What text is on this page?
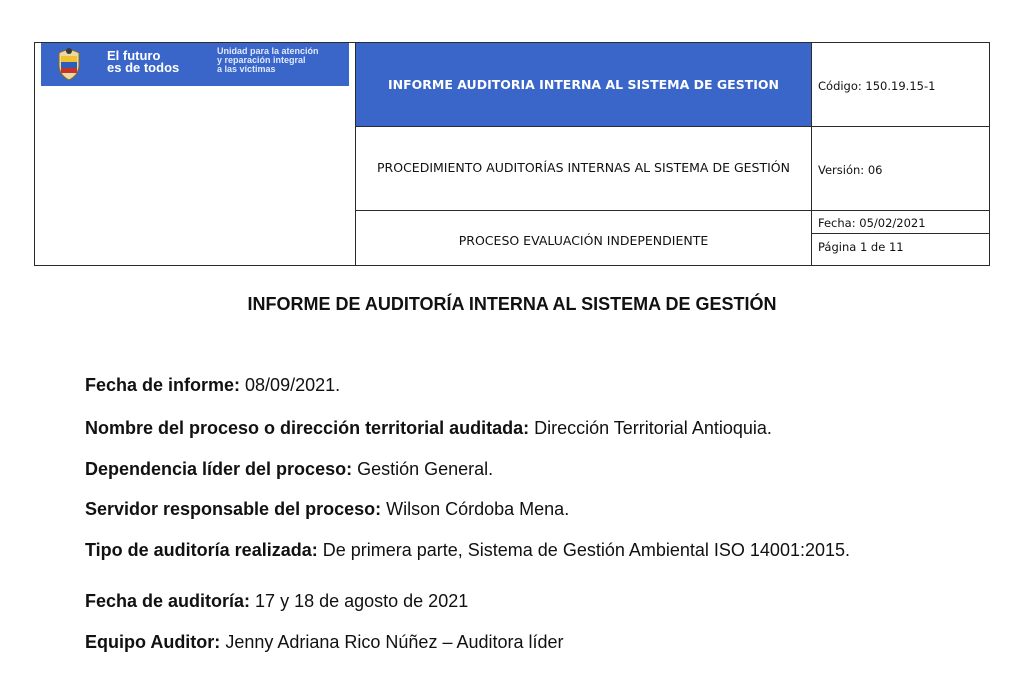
El futuro
es de todos
Unidad para la atención
y reparación integral
a las víctimas
INFORME AUDITORIA INTERNA AL SISTEMA DE GESTION
PROCEDIMIENTO AUDITORÍAS INTERNAS AL SISTEMA DE GESTIÓN
PROCESO EVALUACIÓN INDEPENDIENTE
Código: 150.19.15-1
Versión: 06
Fecha: 05/02/2021
Página 1 de 11
INFORME DE AUDITORÍA INTERNA AL SISTEMA DE GESTIÓN
Fecha de informe: 08/09/2021.
Nombre del proceso o dirección territorial auditada: Dirección Territorial Antioquia.
Dependencia líder del proceso: Gestión General.
Servidor responsable del proceso: Wilson Córdoba Mena.
Tipo de auditoría realizada: De primera parte, Sistema de Gestión Ambiental ISO 14001:2015.
Fecha de auditoría: 17 y 18 de agosto de 2021
Equipo Auditor: Jenny Adriana Rico Núñez – Auditora líder
